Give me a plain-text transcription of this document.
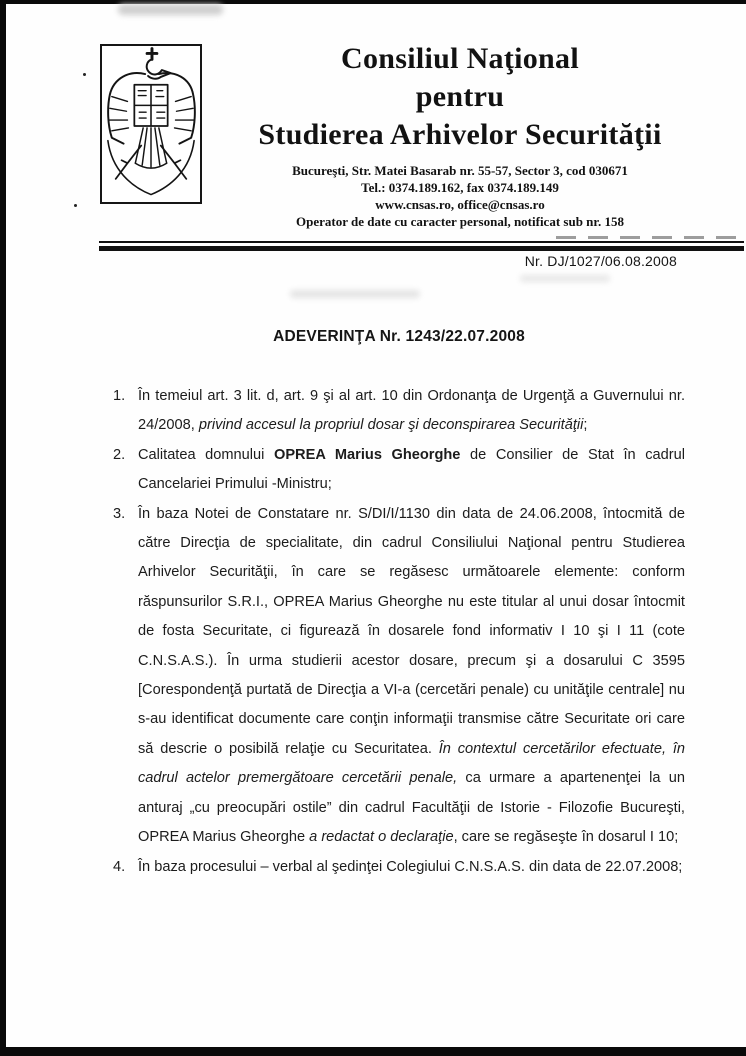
Consiliul Naţional
pentru
Studierea Arhivelor Securităţii
Bucureşti, Str. Matei Basarab nr. 55-57, Sector 3, cod 030671
Tel.: 0374.189.162, fax 0374.189.149
www.cnsas.ro, office@cnsas.ro
Operator de date cu caracter personal, notificat sub nr. 158
Nr. DJ/1027/06.08.2008
ADEVERINŢA Nr. 1243/22.07.2008
1. În temeiul art. 3 lit. d, art. 9 şi al art. 10 din Ordonanţa de Urgenţă a Guvernului nr. 24/2008, privind accesul la propriul dosar şi deconspirarea Securităţii;
2. Calitatea domnului OPREA Marius Gheorghe de Consilier de Stat în cadrul Cancelariei Primului -Ministru;
3. În baza Notei de Constatare nr. S/DI/I/1130 din data de 24.06.2008, întocmită de către Direcţia de specialitate, din cadrul Consiliului Naţional pentru Studierea Arhivelor Securităţii, în care se regăsesc următoarele elemente: conform răspunsurilor S.R.I., OPREA Marius Gheorghe nu este titular al unui dosar întocmit de fosta Securitate, ci figurează în dosarele fond informativ I 10 şi I 11 (cote C.N.S.A.S.). În urma studierii acestor dosare, precum şi a dosarului C 3595 [Corespondenţă purtată de Direcţia a VI-a (cercetări penale) cu unităţile centrale] nu s-au identificat documente care conţin informaţii transmise către Securitate ori care să descrie o posibilă relaţie cu Securitatea. În contextul cercetărilor efectuate, în cadrul actelor premergătoare cercetării penale, ca urmare a apartenenţei la un anturaj „cu preocupări ostile” din cadrul Facultăţii de Istorie - Filozofie Bucureşti, OPREA Marius Gheorghe a redactat o declaraţie, care se regăseşte în dosarul I 10;
4. În baza procesului – verbal al şedinţei Colegiului C.N.S.A.S. din data de 22.07.2008;
